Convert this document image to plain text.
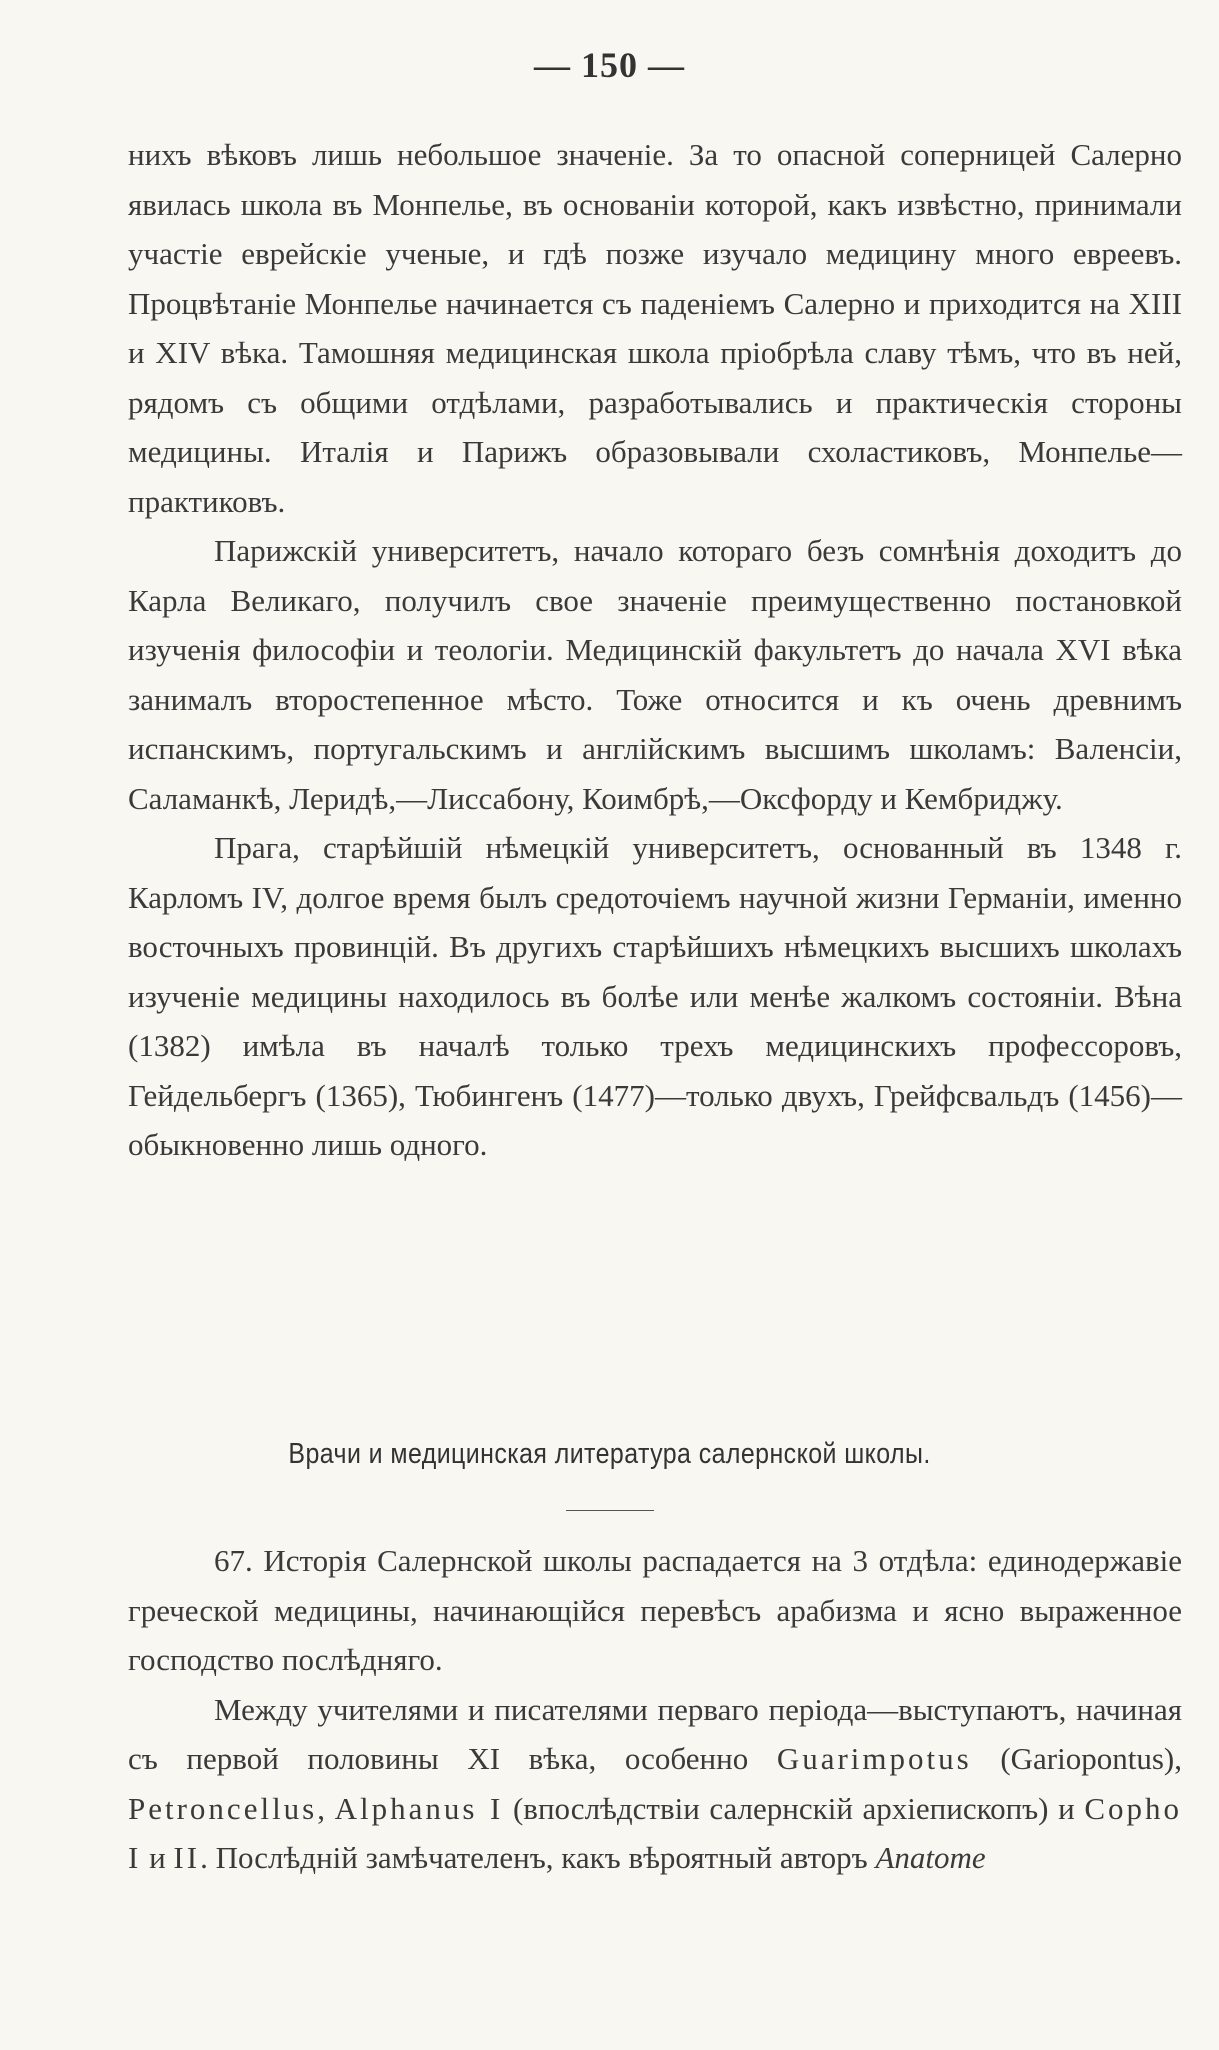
— 150 —

нихъ вѣковъ лишь небольшое значенiе. За то опасной соперницей Салерно явилась школа въ Монпелье, въ основанiи которой, какъ извѣстно, принимали участiе еврейскiе ученые, и гдѣ позже изучало медицину много евреевъ. Процвѣтанiе Монпелье начинается съ паденiемъ Салерно и приходится на XIII и XIV вѣка. Тамошняя медицинская школа прiобрѣла славу тѣмъ, что въ ней, рядомъ съ общими отдѣлами, разработывались и практическiя стороны медицины. Италiя и Парижъ образовывали схоластиковъ, Монпелье—практиковъ.

Парижскiй университетъ, начало котораго безъ сомнѣнiя доходитъ до Карла Великаго, получилъ свое значенiе преимущественно постановкой изученiя философiи и теологiи. Медицинскiй факультетъ до начала XVI вѣка занималъ второстепенное мѣсто. Тоже относится и къ очень древнимъ испанскимъ, португальскимъ и англiйскимъ высшимъ школамъ: Валенсiи, Саламанкѣ, Леридѣ,—Лиссабону, Коимбрѣ,—Оксфорду и Кембриджу.

Прага, старѣйшiй нѣмецкiй университетъ, основанный въ 1348 г. Карломъ IV, долгое время былъ средоточiемъ научной жизни Германiи, именно восточныхъ провинцiй. Въ другихъ старѣйшихъ нѣмецкихъ высшихъ школахъ изученiе медицины находилось въ болѣе или менѣе жалкомъ состоянiи. Вѣна (1382) имѣла въ началѣ только трехъ медицинскихъ профессоровъ, Гейдельбергъ (1365), Тюбингенъ (1477)—только двухъ, Грейфсвальдъ (1456)—обыкновенно лишь одного.

Врачи и медицинская литература салернской школы.

67. Исторiя Салернской школы распадается на 3 отдѣла: единодержавiе греческой медицины, начинающiйся перевѣсъ арабизма и ясно выраженное господство послѣдняго.

Между учителями и писателями перваго перiода—выступаютъ, начиная съ первой половины XI вѣка, особенно Guarimpotus (Gariopontus), Petroncellus, Alphanus I (впослѣдствiи салернскiй архiепископъ) и Copho I и II. Послѣднiй замѣчателенъ, какъ вѣроятный авторъ Anatome
